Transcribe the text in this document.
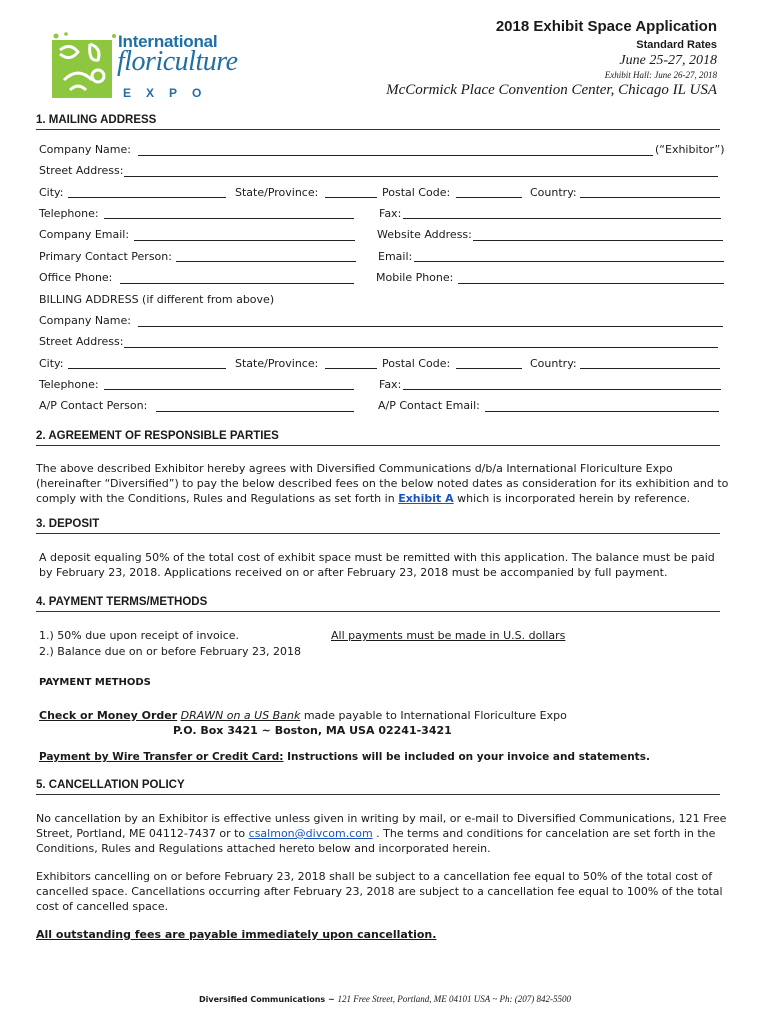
International
floriculture
EXPO
2018 Exhibit Space Application
Standard Rates
June 25-27, 2018
Exhibit Hall: June 26-27, 2018
McCormick Place Convention Center, Chicago IL USA
1. MAILING ADDRESS
Company Name:	(“Exhibitor”)
Street Address:
City:	State/Province:	Postal Code:	Country:
Telephone:	Fax:
Company Email:	Website Address:
Primary Contact Person:	Email:
Office Phone:	Mobile Phone:
BILLING ADDRESS (if different from above)
Company Name:
Street Address:
City:	State/Province:	Postal Code:	Country:
Telephone:	Fax:
A/P Contact Person:	A/P Contact Email:
2. AGREEMENT OF RESPONSIBLE PARTIES
The above described Exhibitor hereby agrees with Diversified Communications d/b/a International Floriculture Expo (hereinafter “Diversified”) to pay the below described fees on the below noted dates as consideration for its exhibition and to comply with the Conditions, Rules and Regulations as set forth in Exhibit A which is incorporated herein by reference.
3. DEPOSIT
A deposit equaling 50% of the total cost of exhibit space must be remitted with this application. The balance must be paid by February 23, 2018. Applications received on or after February 23, 2018 must be accompanied by full payment.
4. PAYMENT TERMS/METHODS
1.) 50% due upon receipt of invoice.
2.) Balance due on or before February 23, 2018
All payments must be made in U.S. dollars
PAYMENT METHODS
Check or Money Order DRAWN on a US Bank made payable to International Floriculture Expo
P.O. Box 3421 ~ Boston, MA USA 02241-3421
Payment by Wire Transfer or Credit Card: Instructions will be included on your invoice and statements.
5. CANCELLATION POLICY
No cancellation by an Exhibitor is effective unless given in writing by mail, or e-mail to Diversified Communications, 121 Free Street, Portland, ME 04112-7437 or to csalmon@divcom.com . The terms and conditions for cancelation are set forth in the Conditions, Rules and Regulations attached hereto below and incorporated herein.
Exhibitors cancelling on or before February 23, 2018 shall be subject to a cancellation fee equal to 50% of the total cost of cancelled space. Cancellations occurring after February 23, 2018 are subject to a cancellation fee equal to 100% of the total cost of cancelled space.
All outstanding fees are payable immediately upon cancellation.
Diversified Communications ~ 121 Free Street, Portland, ME 04101 USA ~ Ph: (207) 842-5500
